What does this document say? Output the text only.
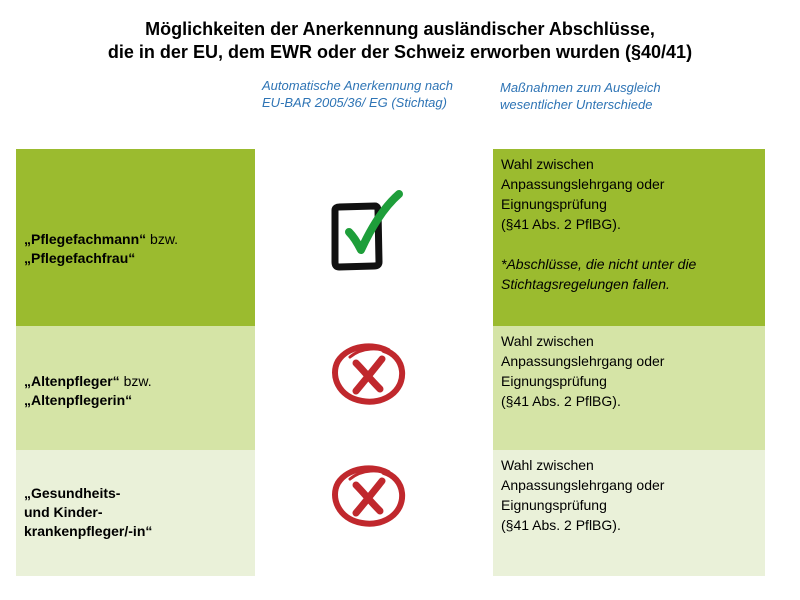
Möglichkeiten der Anerkennung ausländischer Abschlüsse,
die in der EU, dem EWR oder der Schweiz erworben wurden (§40/41)
Automatische Anerkennung nach
EU-BAR 2005/36/ EG (Stichtag)
Maßnahmen zum Ausgleich
wesentlicher Unterschiede
„Pflegefachmann“ bzw.
„Pflegefachfrau“
Wahl zwischen
Anpassungslehrgang oder
Eignungsprüfung
(§41 Abs. 2 PflBG).
*Abschlüsse, die nicht unter die
Stichtagsregelungen fallen.
„Altenpfleger“ bzw.
„Altenpflegerin“
Wahl zwischen
Anpassungslehrgang oder
Eignungsprüfung
(§41 Abs. 2 PflBG).
„Gesundheits-
und Kinder-
krankenpfleger/-in“
Wahl zwischen
Anpassungslehrgang oder
Eignungsprüfung
(§41 Abs. 2 PflBG).
